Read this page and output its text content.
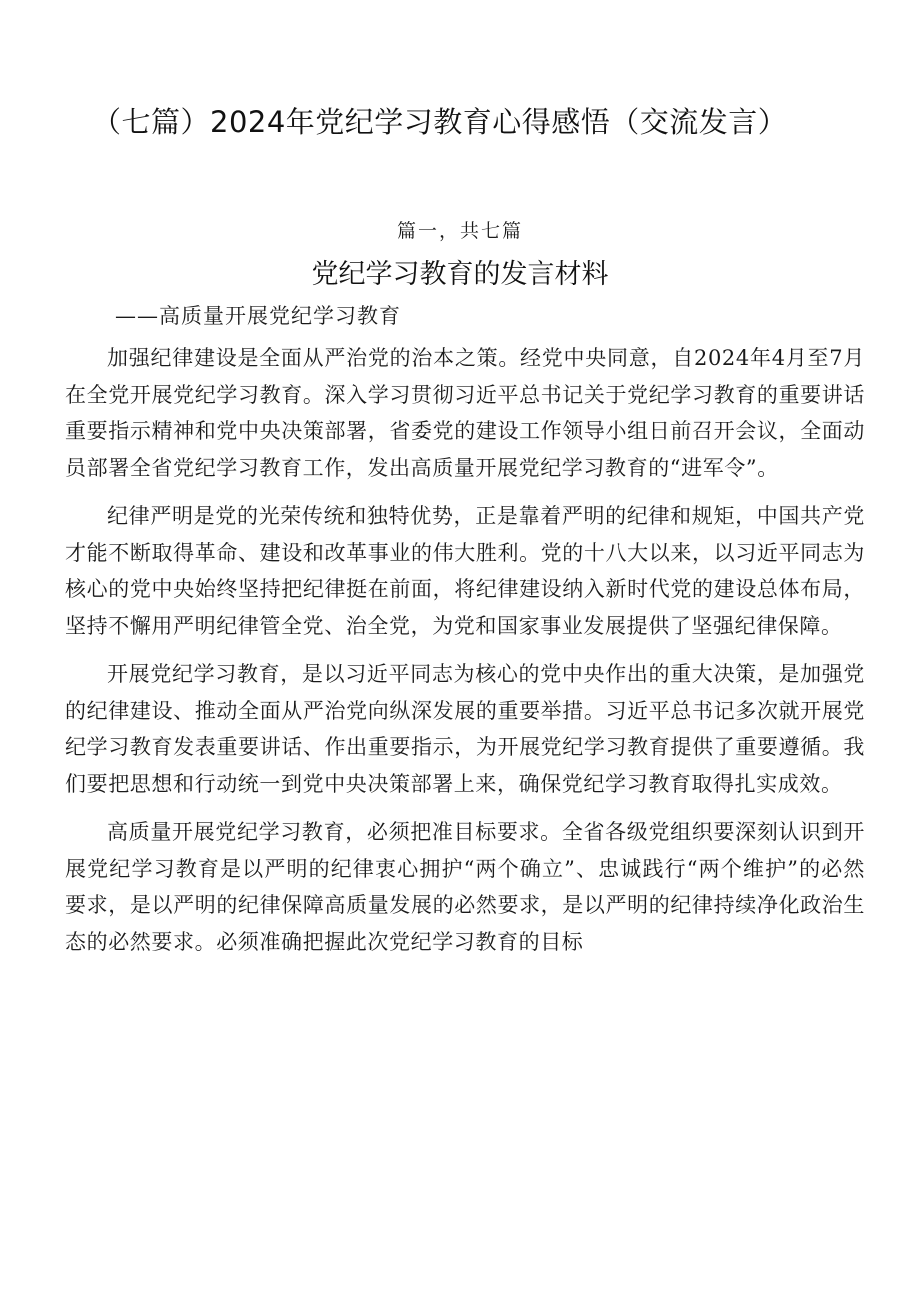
（七篇）2024年党纪学习教育心得感悟（交流发言）
篇一，共七篇
党纪学习教育的发言材料
——高质量开展党纪学习教育

加强纪律建设是全面从严治党的治本之策。经党中央同意，自2024年4月至7月在全党开展党纪学习教育。深入学习贯彻习近平总书记关于党纪学习教育的重要讲话重要指示精神和党中央决策部署，省委党的建设工作领导小组日前召开会议，全面动员部署全省党纪学习教育工作，发出高质量开展党纪学习教育的“进军令”。

纪律严明是党的光荣传统和独特优势，正是靠着严明的纪律和规矩，中国共产党才能不断取得革命、建设和改革事业的伟大胜利。党的十八大以来，以习近平同志为核心的党中央始终坚持把纪律挺在前面，将纪律建设纳入新时代党的建设总体布局，坚持不懈用严明纪律管全党、治全党，为党和国家事业发展提供了坚强纪律保障。

开展党纪学习教育，是以习近平同志为核心的党中央作出的重大决策，是加强党的纪律建设、推动全面从严治党向纵深发展的重要举措。习近平总书记多次就开展党纪学习教育发表重要讲话、作出重要指示，为开展党纪学习教育提供了重要遵循。我们要把思想和行动统一到党中央决策部署上来，确保党纪学习教育取得扎实成效。

高质量开展党纪学习教育，必须把准目标要求。全省各级党组织要深刻认识到开展党纪学习教育是以严明的纪律衷心拥护“两个确立”、忠诚践行“两个维护”的必然要求，是以严明的纪律保障高质量发展的必然要求，是以严明的纪律持续净化政治生态的必然要求。必须准确把握此次党纪学习教育的目标
